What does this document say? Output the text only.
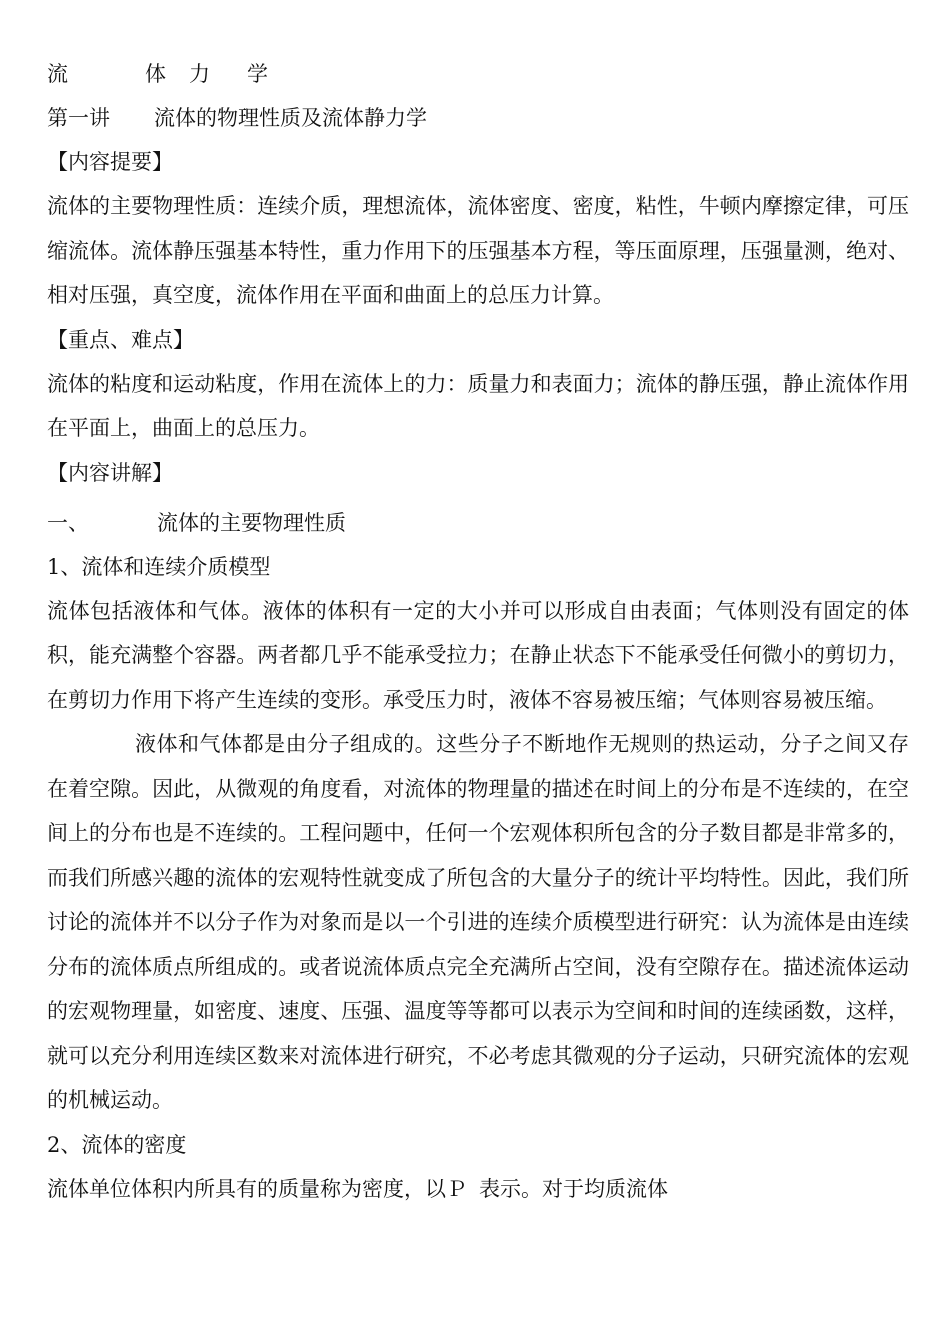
流	体 力 学

第一讲 流体的物理性质及流体静力学

【内容提要】

流体的主要物理性质：连续介质，理想流体，流体密度、密度，粘性，牛顿内摩擦定律，可压缩流体。流体静压强基本特性，重力作用下的压强基本方程，等压面原理，压强量测，绝对、相对压强，真空度，流体作用在平面和曲面上的总压力计算。

【重点、难点】

流体的粘度和运动粘度，作用在流体上的力：质量力和表面力；流体的静压强，静止流体作用在平面上，曲面上的总压力。

【内容讲解】

一、	流体的主要物理性质

1、流体和连续介质模型

流体包括液体和气体。液体的体积有一定的大小并可以形成自由表面；气体则没有固定的体积，能充满整个容器。两者都几乎不能承受拉力；在静止状态下不能承受任何微小的剪切力，在剪切力作用下将产生连续的变形。承受压力时，液体不容易被压缩；气体则容易被压缩。

液体和气体都是由分子组成的。这些分子不断地作无规则的热运动，分子之间又存在着空隙。因此，从微观的角度看，对流体的物理量的描述在时间上的分布是不连续的，在空间上的分布也是不连续的。工程问题中，任何一个宏观体积所包含的分子数目都是非常多的，而我们所感兴趣的流体的宏观特性就变成了所包含的大量分子的统计平均特性。因此，我们所讨论的流体并不以分子作为对象而是以一个引进的连续介质模型进行研究：认为流体是由连续分布的流体质点所组成的。或者说流体质点完全充满所占空间，没有空隙存在。描述流体运动的宏观物理量，如密度、速度、压强、温度等等都可以表示为空间和时间的连续函数，这样，就可以充分利用连续区数来对流体进行研究，不必考虑其微观的分子运动，只研究流体的宏观的机械运动。

2、流体的密度

流体单位体积内所具有的质量称为密度，以Ｐ 表示。对于均质流体
